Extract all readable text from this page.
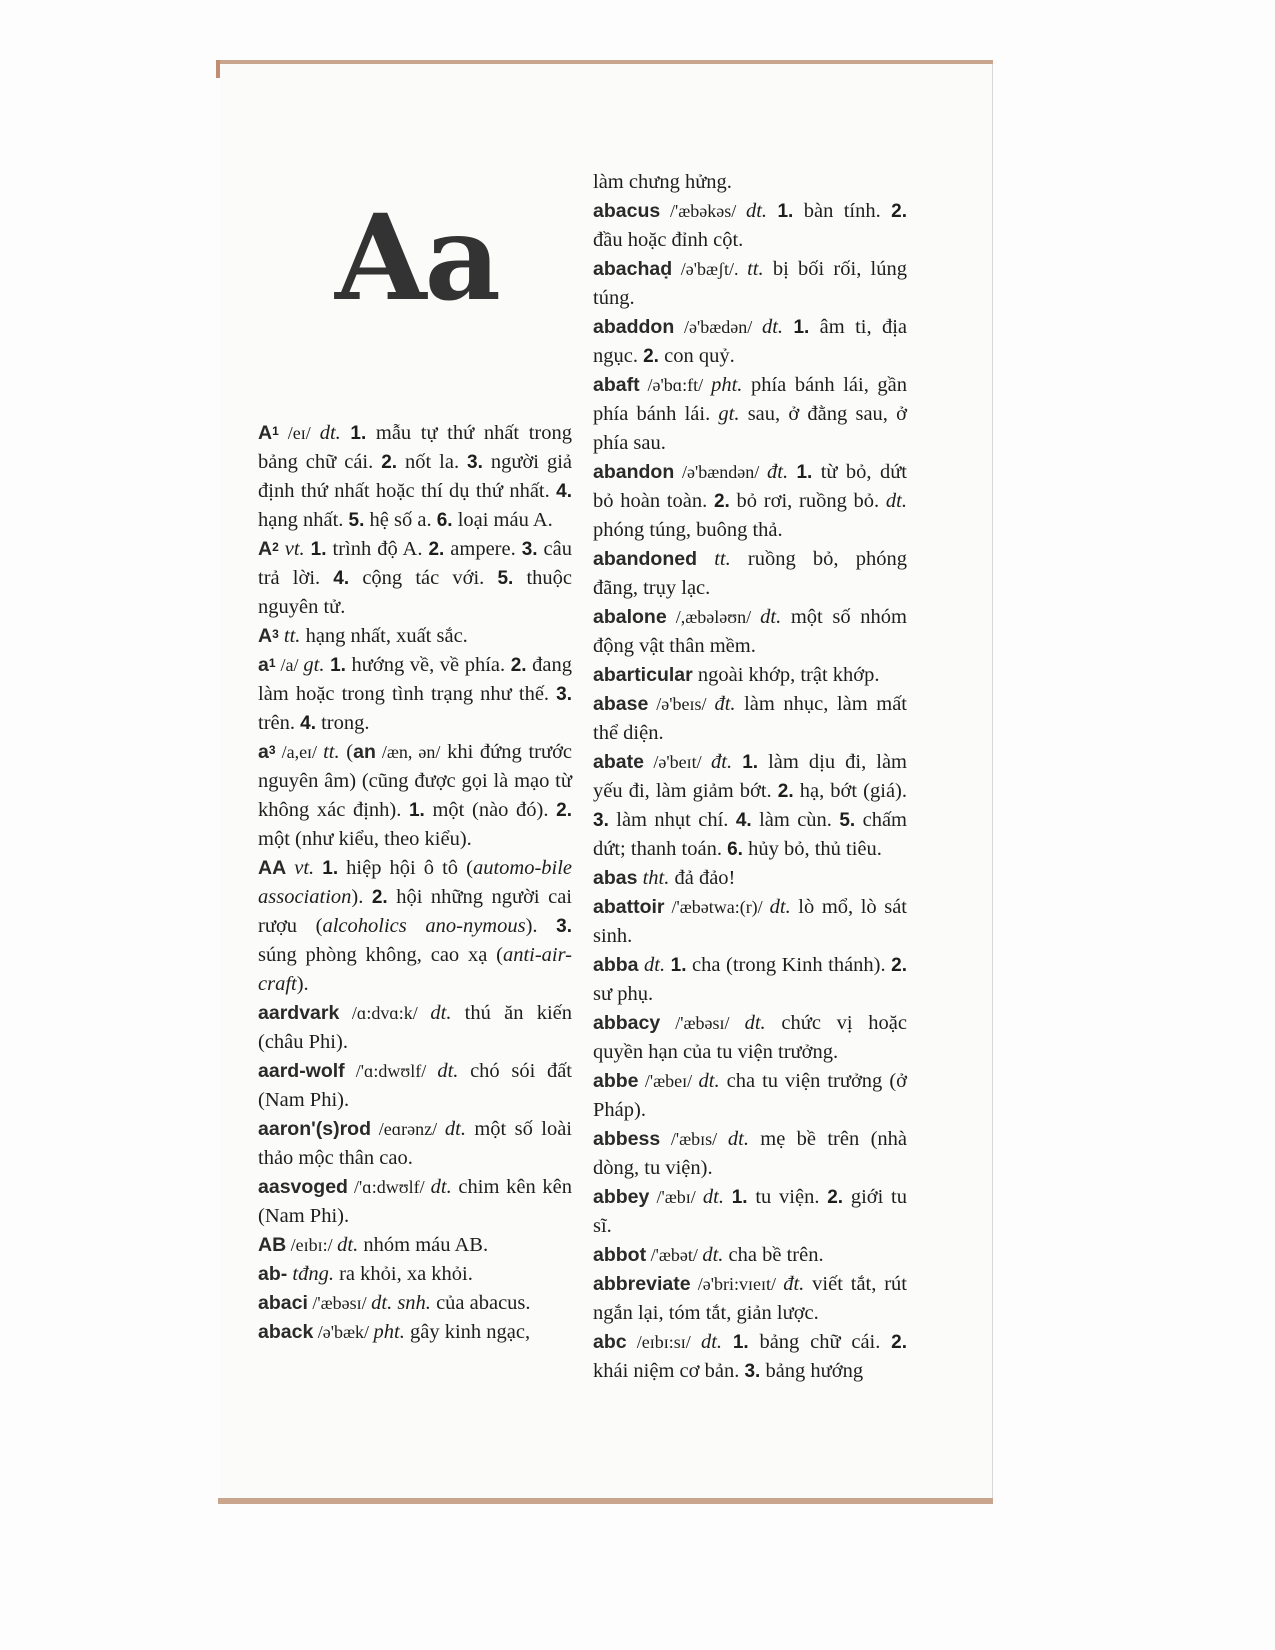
Aa

$A^1$ /eɪ/ dt. 1. mẫu tự thứ nhất trong bảng chữ cái. 2. nốt la. 3. người giả định thứ nhất hoặc thí dụ thứ nhất. 4. hạng nhất. 5. hệ số a. 6. loại máu A.

$A^2$ vt. 1. trình độ A. 2. ampere. 3. câu trả lời. 4. cộng tác với. 5. thuộc nguyên tử.

$A^3$ tt. hạng nhất, xuất sắc.

$a^1$ /a/ gt. 1. hướng về, về phía. 2. đang làm hoặc trong tình trạng như thế. 3. trên. 4. trong.

$a^3$ /a,eɪ/ tt. (an /æn, ən/ khi đứng trước nguyên âm) (cũng được gọi là mạo từ không xác định). 1. một (nào đó). 2. một (như kiểu, theo kiểu).

AA vt. 1. hiệp hội ô tô (automo-bile association). 2. hội những người cai rượu (alcoholics ano-nymous). 3. súng phòng không, cao xạ (anti-air-craft).

aardvark /ɑ:dvɑ:k/ dt. thú ăn kiến (châu Phi).

aard-wolf /'ɑ:dwʊlf/ dt. chó sói đất (Nam Phi).

aaron'(s)rod /eɑrənz/ dt. một số loài thảo mộc thân cao.

aasvoged /'ɑ:dwʊlf/ dt. chim kên kên (Nam Phi).

AB /eɪbɪ:/ dt. nhóm máu AB.

ab- tđng. ra khỏi, xa khỏi.

abaci /'æbəsɪ/ dt. snh. của abacus.

aback /ə'bæk/ pht. gây kinh ngạc,

làm chưng hửng.

abacus /'æbəkəs/ dt. 1. bàn tính. 2. đầu hoặc đỉnh cột.

abachaḍ /ə'bæʃt/. tt. bị bối rối, lúng túng.

abaddon /ə'bædən/ dt. 1. âm ti, địa ngục. 2. con quỷ.

abaft /ə'bɑ:ft/ pht. phía bánh lái, gần phía bánh lái. gt. sau, ở đằng sau, ở phía sau.

abandon /ə'bændən/ đt. 1. từ bỏ, dứt bỏ hoàn toàn. 2. bỏ rơi, ruồng bỏ. dt. phóng túng, buông thả.

abandoned tt. ruồng bỏ, phóng đãng, trụy lạc.

abalone /,æbələʊn/ dt. một số nhóm động vật thân mềm.

abarticular ngoài khớp, trật khớp.

abase /ə'beɪs/ đt. làm nhục, làm mất thể diện.

abate /ə'beɪt/ đt. 1. làm dịu đi, làm yếu đi, làm giảm bớt. 2. hạ, bớt (giá). 3. làm nhụt chí. 4. làm cùn. 5. chấm dứt; thanh toán. 6. hủy bỏ, thủ tiêu.

abas tht. đả đảo!

abattoir /'æbətwa:(r)/ dt. lò mổ, lò sát sinh.

abba dt. 1. cha (trong Kinh thánh). 2. sư phụ.

abbacy /'æbəsɪ/ dt. chức vị hoặc quyền hạn của tu viện trưởng.

abbe /'æbeɪ/ dt. cha tu viện trưởng (ở Pháp).

abbess /'æbɪs/ dt. mẹ bề trên (nhà dòng, tu viện).

abbey /'æbɪ/ dt. 1. tu viện. 2. giới tu sĩ.

abbot /'æbət/ dt. cha bề trên.

abbreviate /ə'bri:vɪeɪt/ đt. viết tắt, rút ngắn lại, tóm tắt, giản lược.

abc /eɪbɪ:sɪ/ dt. 1. bảng chữ cái. 2. khái niệm cơ bản. 3. bảng hướng
